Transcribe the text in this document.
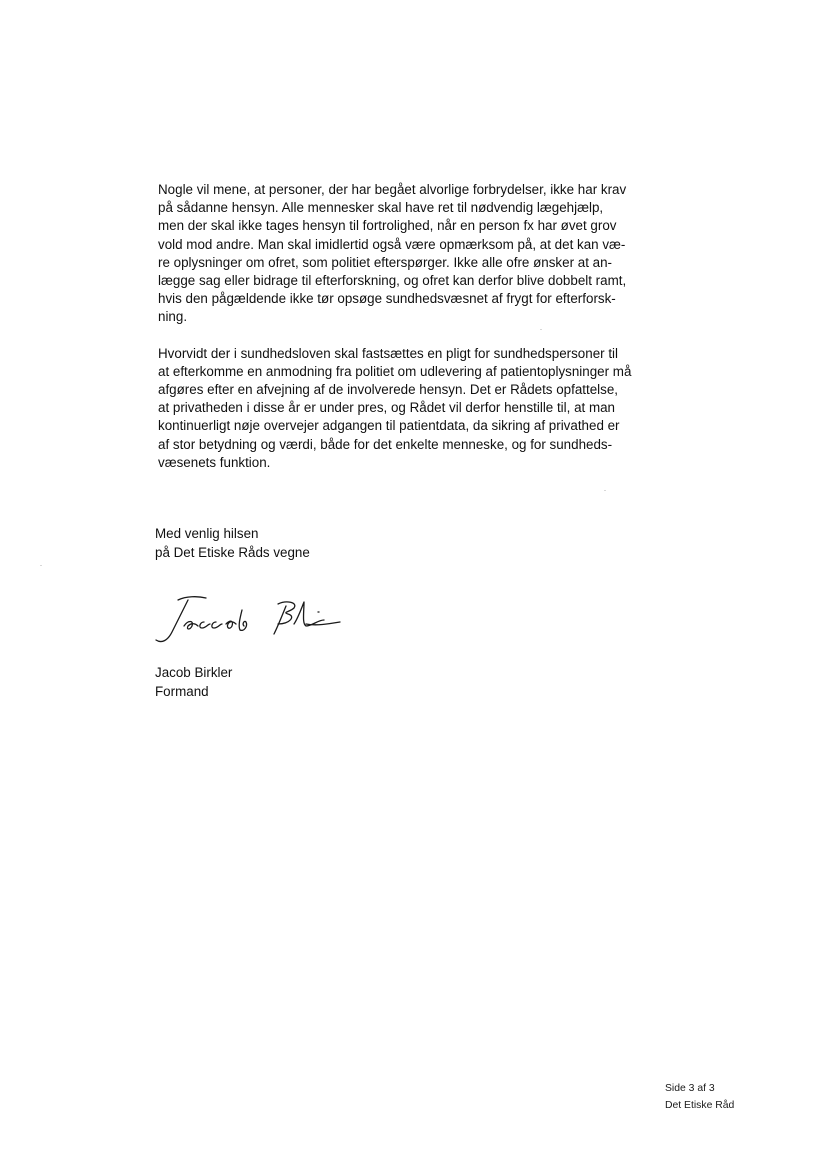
Nogle vil mene, at personer, der har begået alvorlige forbrydelser, ikke har krav
på sådanne hensyn. Alle mennesker skal have ret til nødvendig lægehjælp,
men der skal ikke tages hensyn til fortrolighed, når en person fx har øvet grov
vold mod andre. Man skal imidlertid også være opmærksom på, at det kan væ-
re oplysninger om ofret, som politiet efterspørger. Ikke alle ofre ønsker at an-
lægge sag eller bidrage til efterforskning, og ofret kan derfor blive dobbelt ramt,
hvis den pågældende ikke tør opsøge sundhedsvæsnet af frygt for efterforsk-
ning.

Hvorvidt der i sundhedsloven skal fastsættes en pligt for sundhedspersoner til
at efterkomme en anmodning fra politiet om udlevering af patientoplysninger må
afgøres efter en afvejning af de involverede hensyn. Det er Rådets opfattelse,
at privatheden i disse år er under pres, og Rådet vil derfor henstille til, at man
kontinuerligt nøje overvejer adgangen til patientdata, da sikring af privathed er
af stor betydning og værdi, både for det enkelte menneske, og for sundheds-
væsenets funktion.

Med venlig hilsen
på Det Etiske Råds vegne
Jacob Birkler
Formand
Side 3 af 3
Det Etiske Råd
